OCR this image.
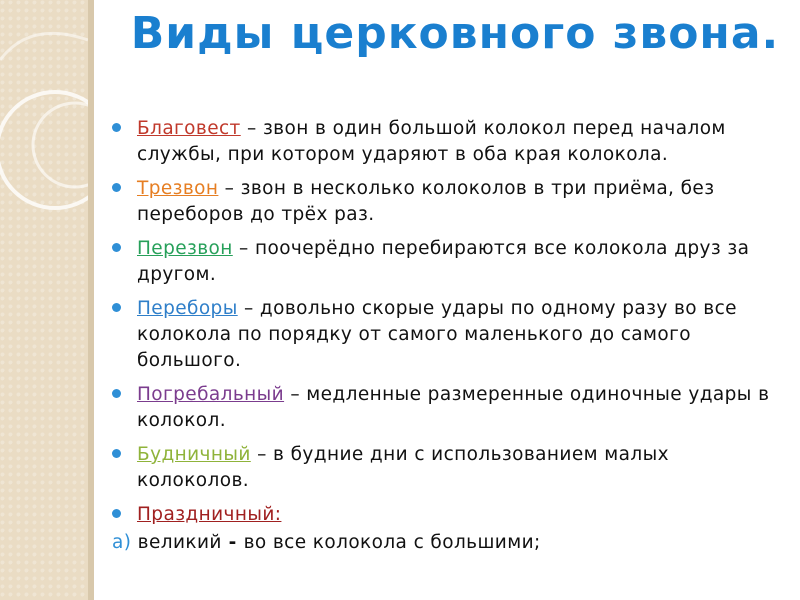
Виды церковного звона.
Благовест – звон в один большой колокол перед началом службы, при котором ударяют в оба края колокола.
Трезвон – звон в несколько колоколов в три приёма, без переборов до трёх раз.
Перезвон – поочерёдно перебираются все колокола друз за другом.
Переборы – довольно скорые удары по одному разу во все колокола по порядку от самого маленького до самого большого.
Погребальный – медленные размеренные одиночные удары в колокол.
Будничный – в будние дни с использованием малых колоколов.
Праздничный:
а) великий - во все колокола с большими;
